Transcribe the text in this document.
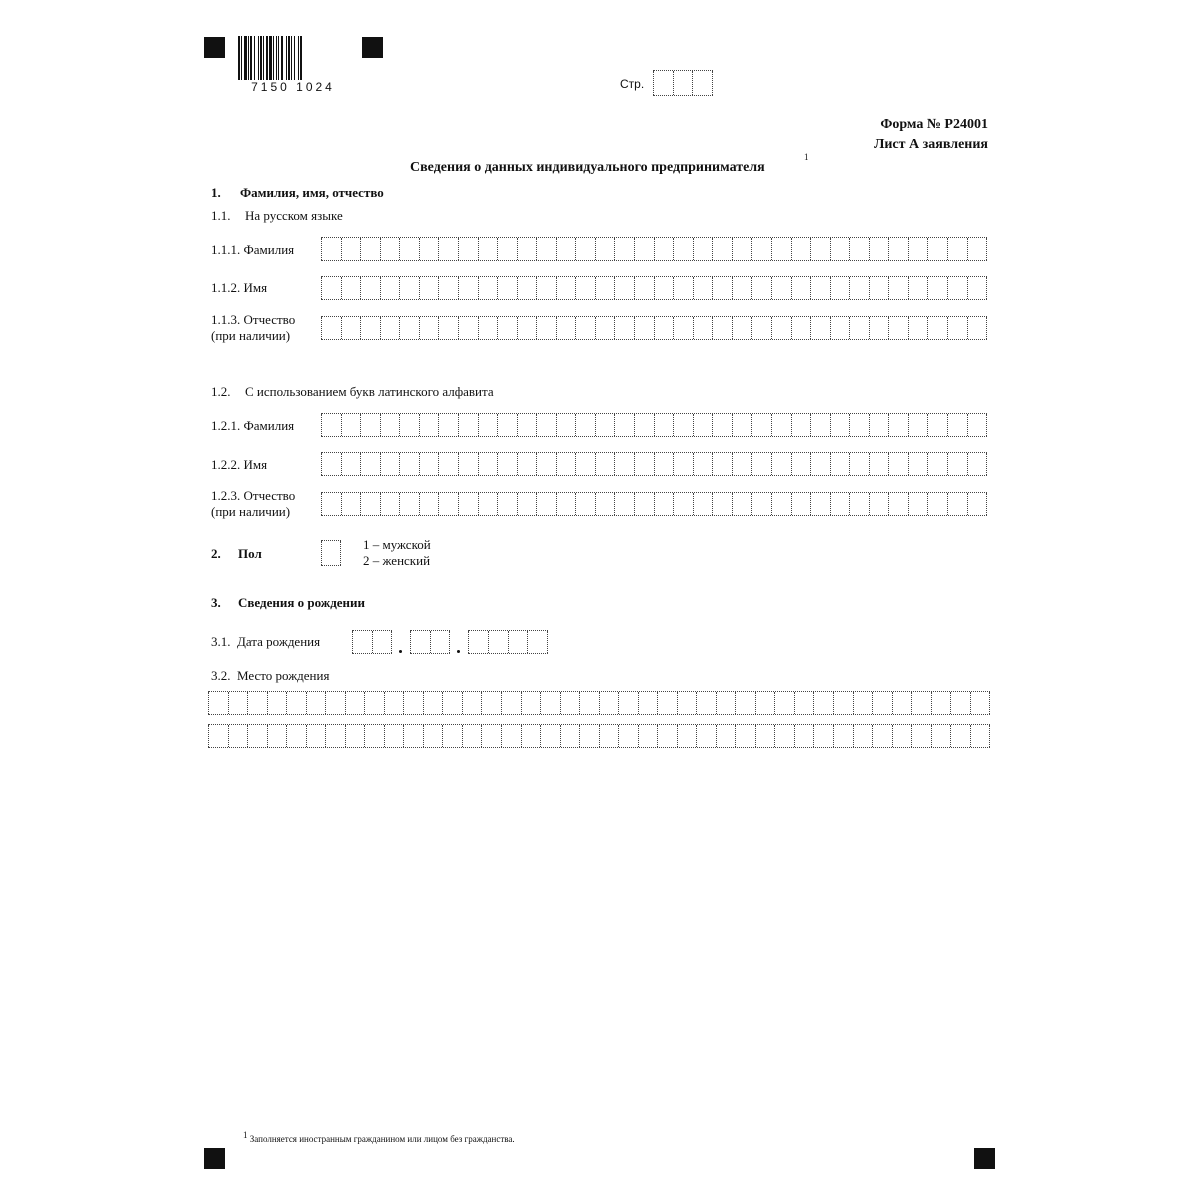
7150 1024	Стр.
Форма № Р24001
Лист А заявления
Сведения о данных индивидуального предпринимателя
1
1. Фамилия, имя, отчество
1.1. На русском языке
1.1.1. Фамилия
1.1.2. Имя
1.1.3. Отчество
(при наличии)
1.2. С использованием букв латинского алфавита
1.2.1. Фамилия
1.2.2. Имя
1.2.3. Отчество
(при наличии)
2. Пол
1 – мужской
2 – женский
3. Сведения о рождении
3.1. Дата рождения
3.2. Место рождения
$^1$ Заполняется иностранным гражданином или лицом без гражданства.
